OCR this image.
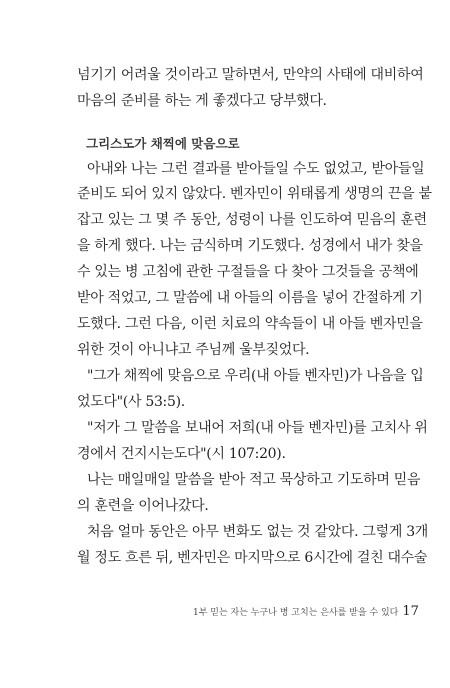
넘기기 어려울 것이라고 말하면서, 만약의 사태에 대비하여
마음의 준비를 하는 게 좋겠다고 당부했다.
그리스도가 채찍에 맞음으로
아내와 나는 그런 결과를 받아들일 수도 없었고, 받아들일
준비도 되어 있지 않았다. 벤자민이 위태롭게 생명의 끈을 붙
잡고 있는 그 몇 주 동안, 성령이 나를 인도하여 믿음의 훈련
을 하게 했다. 나는 금식하며 기도했다. 성경에서 내가 찾을
수 있는 병 고침에 관한 구절들을 다 찾아 그것들을 공책에
받아 적었고, 그 말씀에 내 아들의 이름을 넣어 간절하게 기
도했다. 그런 다음, 이런 치료의 약속들이 내 아들 벤자민을
위한 것이 아니냐고 주님께 울부짖었다.
"그가 채찍에 맞음으로 우리(내 아들 벤자민)가 나음을 입
었도다"(사 53:5).
"저가 그 말씀을 보내어 저희(내 아들 벤자민)를 고치사 위
경에서 건지시는도다"(시 107:20).
나는 매일매일 말씀을 받아 적고 묵상하고 기도하며 믿음
의 훈련을 이어나갔다.
처음 얼마 동안은 아무 변화도 없는 것 같았다. 그렇게 3개
월 정도 흐른 뒤, 벤자민은 마지막으로 6시간에 걸친 대수술
1부 믿는 자는 누구나 병 고치는 은사를 받을 수 있다 17
